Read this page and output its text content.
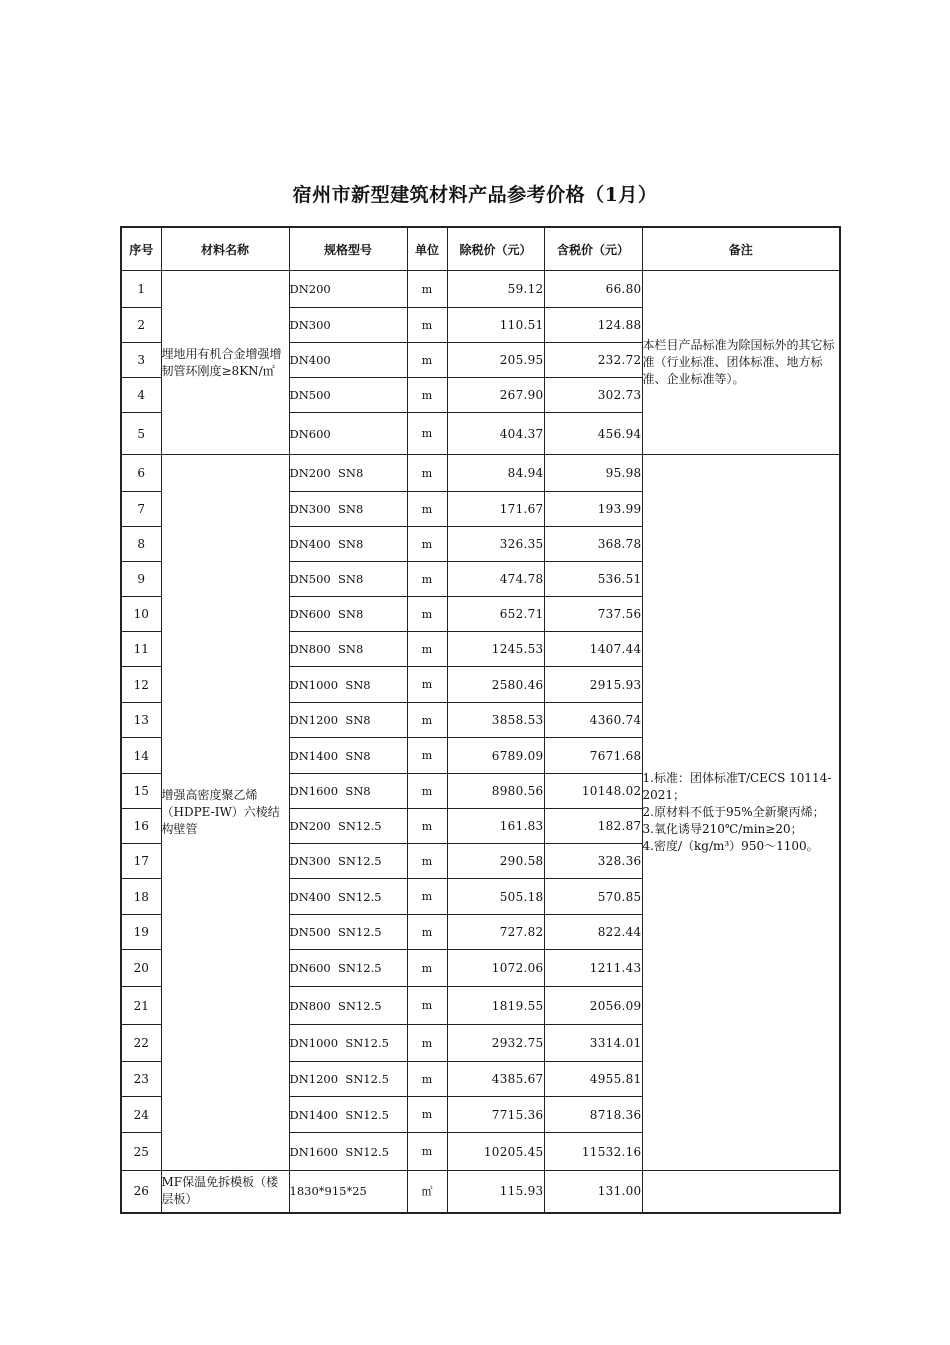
宿州市新型建筑材料产品参考价格（1月）
序号	材料名称	规格型号	单位	除税价（元）	含税价（元）	备注
1	埋地用有机合金增强增韧管环刚度≥8KN/㎡	DN200	m	59.12	66.80	本栏目产品标准为除国标外的其它标准（行业标准、团体标准、地方标准、企业标准等）。

2		DN300	m	110.51	124.88	
3		DN400	m	205.95	232.72	
4		DN500	m	267.90	302.73	
5		DN600	m	404.37	456.94	
6	增强高密度聚乙烯（HDPE-IW）六棱结构壁管	DN200  SN8	m	84.94	95.98	1.标准：团体标准T/CECS 10114-2021；
2.原材料不低于95%全新聚丙烯；
3.氧化诱导210℃/min≥20；
4.密度/（kg/m³）950～1100。

7		DN300  SN8	m	171.67	193.99	
8		DN400  SN8	m	326.35	368.78	
9		DN500  SN8	m	474.78	536.51	
10		DN600  SN8	m	652.71	737.56	
11		DN800  SN8	m	1245.53	1407.44	
12		DN1000  SN8	m	2580.46	2915.93	
13		DN1200  SN8	m	3858.53	4360.74	
14		DN1400  SN8	m	6789.09	7671.68	
15		DN1600  SN8	m	8980.56	10148.02	
16		DN200  SN12.5	m	161.83	182.87	
17		DN300  SN12.5	m	290.58	328.36	
18		DN400  SN12.5	m	505.18	570.85	
19		DN500  SN12.5	m	727.82	822.44	
20		DN600  SN12.5	m	1072.06	1211.43	
21		DN800  SN12.5	m	1819.55	2056.09	
22		DN1000  SN12.5	m	2932.75	3314.01	
23		DN1200  SN12.5	m	4385.67	4955.81	
24		DN1400  SN12.5	m	7715.36	8718.36	
25		DN1600  SN12.5	m	10205.45	11532.16	
26	MF保温免拆模板（楼层板）	1830*915*25	㎡	115.93	131.00	
